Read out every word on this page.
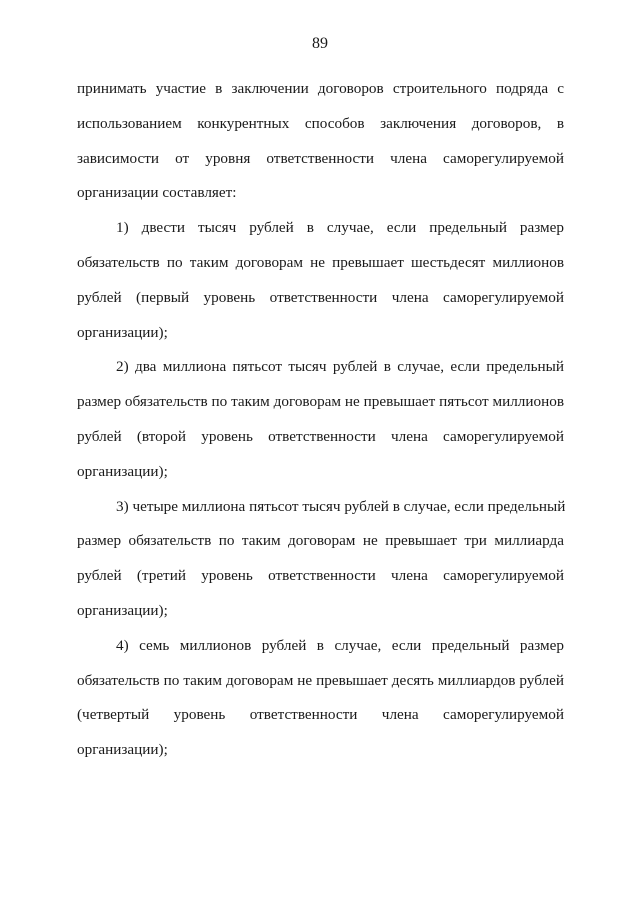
89

принимать участие в заключении договоров строительного подряда с
использованием конкурентных способов заключения договоров, в
зависимости от уровня ответственности члена саморегулируемой
организации составляет:

1) двести тысяч рублей в случае, если предельный размер
обязательств по таким договорам не превышает шестьдесят миллионов
рублей (первый уровень ответственности члена саморегулируемой
организации);

2) два миллиона пятьсот тысяч рублей в случае, если предельный
размер обязательств по таким договорам не превышает пятьсот миллионов
рублей (второй уровень ответственности члена саморегулируемой
организации);

3) четыре миллиона пятьсот тысяч рублей в случае, если предельный
размер обязательств по таким договорам не превышает три миллиарда
рублей (третий уровень ответственности члена саморегулируемой
организации);

4) семь миллионов рублей в случае, если предельный размер
обязательств по таким договорам не превышает десять миллиардов рублей
(четвертый уровень ответственности члена саморегулируемой
организации);
